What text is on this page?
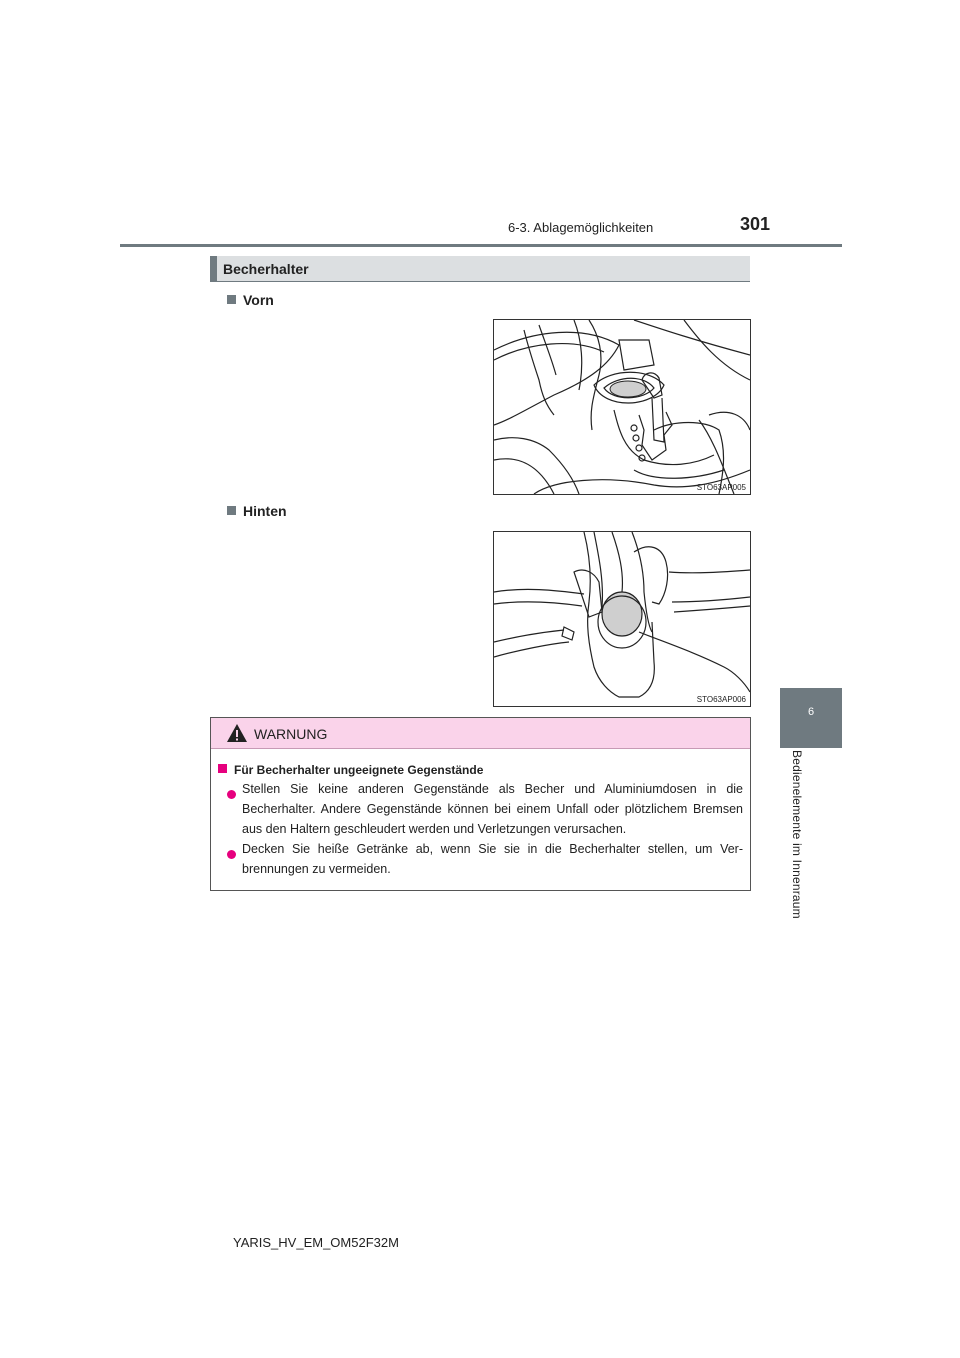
6-3. Ablagemöglichkeiten	301
6
Bedienelemente im Innenraum
Becherhalter
Vorn
STO63AP005
Hinten
STO63AP006
WARNUNG
Für Becherhalter ungeeignete Gegenstände
Stellen Sie keine anderen Gegenstände als Becher und Aluminiumdosen in die Becherhalter. Andere Gegenstände können bei einem Unfall oder plötzlichem Bremsen aus den Haltern geschleudert werden und Verletzungen verursachen.
Decken Sie heiße Getränke ab, wenn Sie sie in die Becherhalter stellen, um Ver-brennungen zu vermeiden.
YARIS_HV_EM_OM52F32M
